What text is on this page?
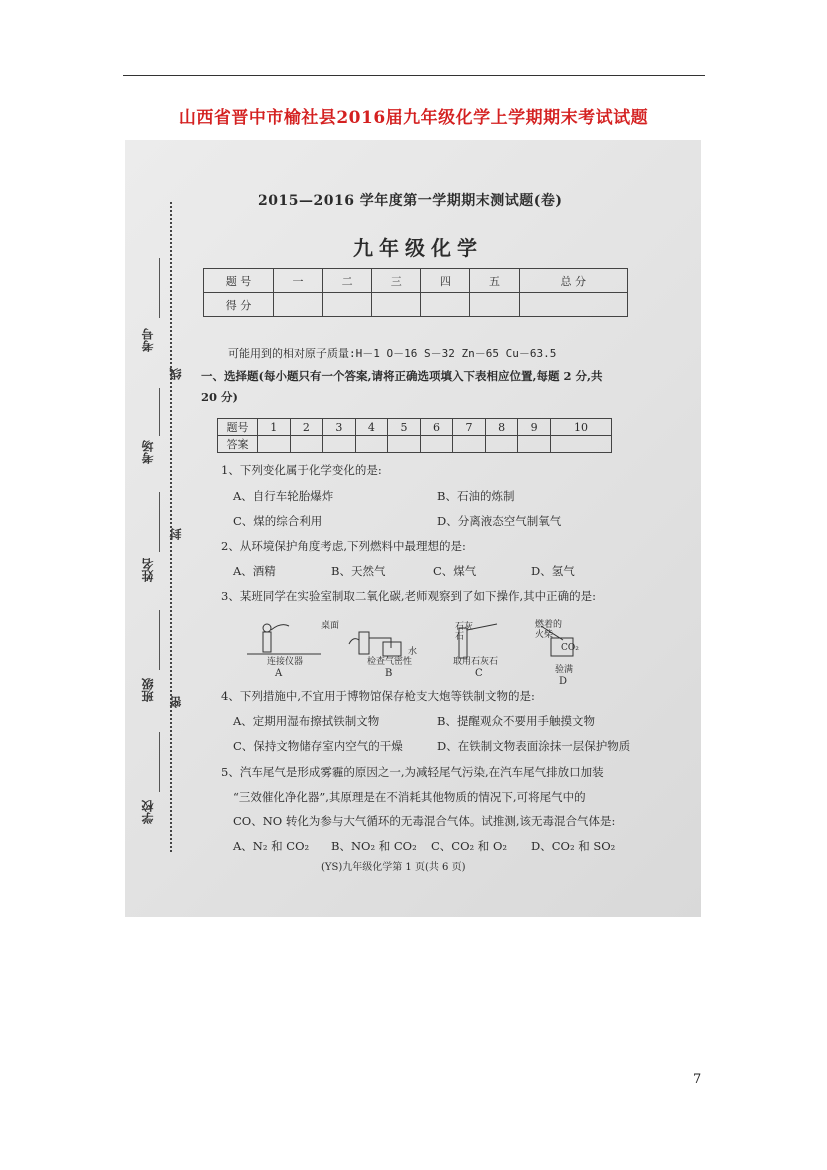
山西省晋中市榆社县2016届九年级化学上学期期末考试试题
考号
线
考场
封
姓名
班级 密
学校
2015—2016 学年度第一学期期末测试题(卷)
九年级化学
题 号	一	二	三	四	五	总 分
得 分						
可能用到的相对原子质量:H－1 O－16 S－32 Zn－65 Cu－63.5
一、选择题(每小题只有一个答案,请将正确选项填入下表相应位置,每题 2 分,共 20 分)
题号	1	2	3	4	5	6	7	8	9	10
答案										
1、下列变化属于化学变化的是:
A、自行车轮胎爆炸	B、石油的炼制
C、煤的综合利用	D、分离液态空气制氧气
2、从环境保护角度考虑,下列燃料中最理想的是:
A、酒精	B、天然气	C、煤气	D、氢气
3、某班同学在实验室制取二氧化碳,老师观察到了如下操作,其中正确的是:
桌面
连接仪器
水
检查气密性
石灰石
取用石灰石
燃着的火柴
CO₂
验满
A	B	C
D
4、下列措施中,不宜用于博物馆保存枪支大炮等铁制文物的是:
A、定期用湿布擦拭铁制文物	B、提醒观众不要用手触摸文物
C、保持文物储存室内空气的干燥	D、在铁制文物表面涂抹一层保护物质
5、汽车尾气是形成雾霾的原因之一,为减轻尾气污染,在汽车尾气排放口加装
“三效催化净化器”,其原理是在不消耗其他物质的情况下,可将尾气中的
CO、NO 转化为参与大气循环的无毒混合气体。试推测,该无毒混合气体是:
A、N₂ 和 CO₂ B、NO₂ 和 CO₂ C、CO₂ 和 O₂ D、CO₂ 和 SO₂
(YS)九年级化学第 1 页(共 6 页)
7
